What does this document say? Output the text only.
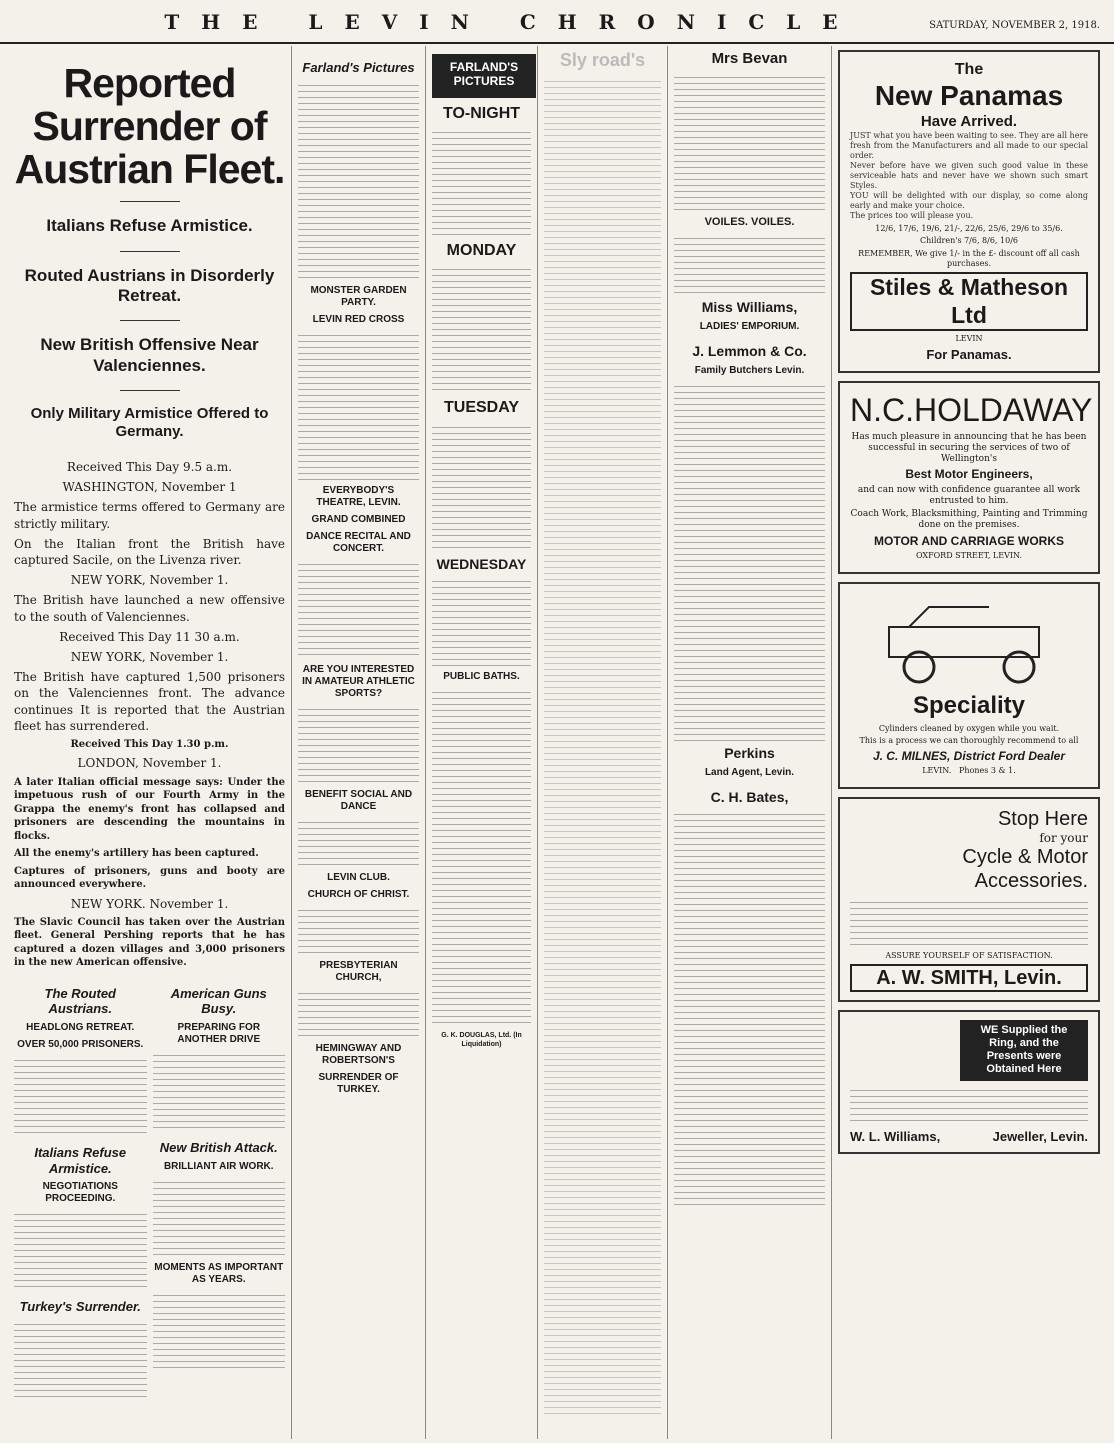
THE LEVIN CHRONICLE	SATURDAY, NOVEMBER 2, 1918.
Reported Surrender of Austrian Fleet.
Italians Refuse Armistice.
Routed Austrians in Disorderly Retreat.
New British Offensive Near Valenciennes.
Only Military Armistice Offered to Germany.

Received This Day 9.5 a.m.

WASHINGTON, November 1

The armistice terms offered to Germany are strictly military.

On the Italian front the British have captured Sacile, on the Livenza river.

NEW YORK, November 1.

The British have launched a new offensive to the south of Valenciennes.

Received This Day 11 30 a.m.

NEW YORK, November 1.

The British have captured 1,500 prisoners on the Valenciennes front. The advance continues It is reported that the Austrian fleet has surrendered.

Received This Day 1.30 p.m.

LONDON, November 1.

A later Italian official message says: Under the impetuous rush of our Fourth Army in the Grappa the enemy's front has collapsed and prisoners are descending the mountains in flocks.

All the enemy's artillery has been captured.

Captures of prisoners, guns and booty are announced everywhere.

NEW YORK. November 1.

The Slavic Council has taken over the Austrian fleet. General Pershing reports that he has captured a dozen villages and 3,000 prisoners in the new American offensive.

The Routed Austrians.
HEADLONG RETREAT.
OVER 50,000 PRISONERS.
Italians Refuse Armistice.
NEGOTIATIONS PROCEEDING.
Turkey's Surrender.
American Guns Busy.
PREPARING FOR ANOTHER DRIVE
New British Attack.
BRILLIANT AIR WORK.
MOMENTS AS IMPORTANT AS YEARS.
Farland's Pictures
MONSTER GARDEN PARTY.
LEVIN RED CROSS
EVERYBODY'S THEATRE, LEVIN.
GRAND COMBINED
DANCE RECITAL AND CONCERT.
ARE YOU INTERESTED IN AMATEUR ATHLETIC SPORTS?
BENEFIT SOCIAL AND DANCE
LEVIN CLUB.
CHURCH OF CHRIST.
PRESBYTERIAN CHURCH,
HEMINGWAY AND ROBERTSON'S
SURRENDER OF TURKEY.
FARLAND'S PICTURES
TO-NIGHT
MONDAY
TUESDAY
WEDNESDAY
PUBLIC BATHS.
G. K. DOUGLAS, Ltd. (In Liquidation)
Sly road's	Mrs Bevan
VOILES. VOILES.
Miss Williams,
LADIES' EMPORIUM.
J. Lemmon & Co.
Family Butchers Levin.
Perkins
Land Agent, Levin.
C. H. Bates,
The
New Panamas
Have Arrived.

JUST what you have been waiting to see. They are all here fresh from the Manufacturers and all made to our special order.

Never before have we given such good value in these serviceable hats and never have we shown such smart Styles.

YOU will be delighted with our display, so come along early and make your choice.

The prices too will please you.

12/6, 17/6, 19/6, 21/-, 22/6, 25/6, 29/6 to 35/6.

Children's 7/6, 8/6, 10/6

REMEMBER, We give 1/- in the £- discount off all cash purchases.

Stiles & Matheson Ltd
LEVIN
For Panamas.
N.C.HOLDAWAY

Has much pleasure in announcing that he has been successful in securing the services of two of Wellington's

Best Motor Engineers,

and can now with confidence guarantee all work entrusted to him.

Coach Work, Blacksmithing, Painting and Trimming done on the premises.

MOTOR AND CARRIAGE WORKS

OXFORD STREET, LEVIN.

Speciality

Cylinders cleaned by oxygen while you wait.

This is a process we can thoroughly recommend to all

J. C. MILNES, District Ford Dealer

LEVIN. Phones 3 & 1.

Stop Here
for your
Cycle & Motor
Accessories.
ASSURE YOURSELF OF SATISFACTION.
A. W. SMITH, Levin.
WE Supplied the
Ring, and the
Presents were
Obtained Here
W. L. Williams,	Jeweller, Levin.
